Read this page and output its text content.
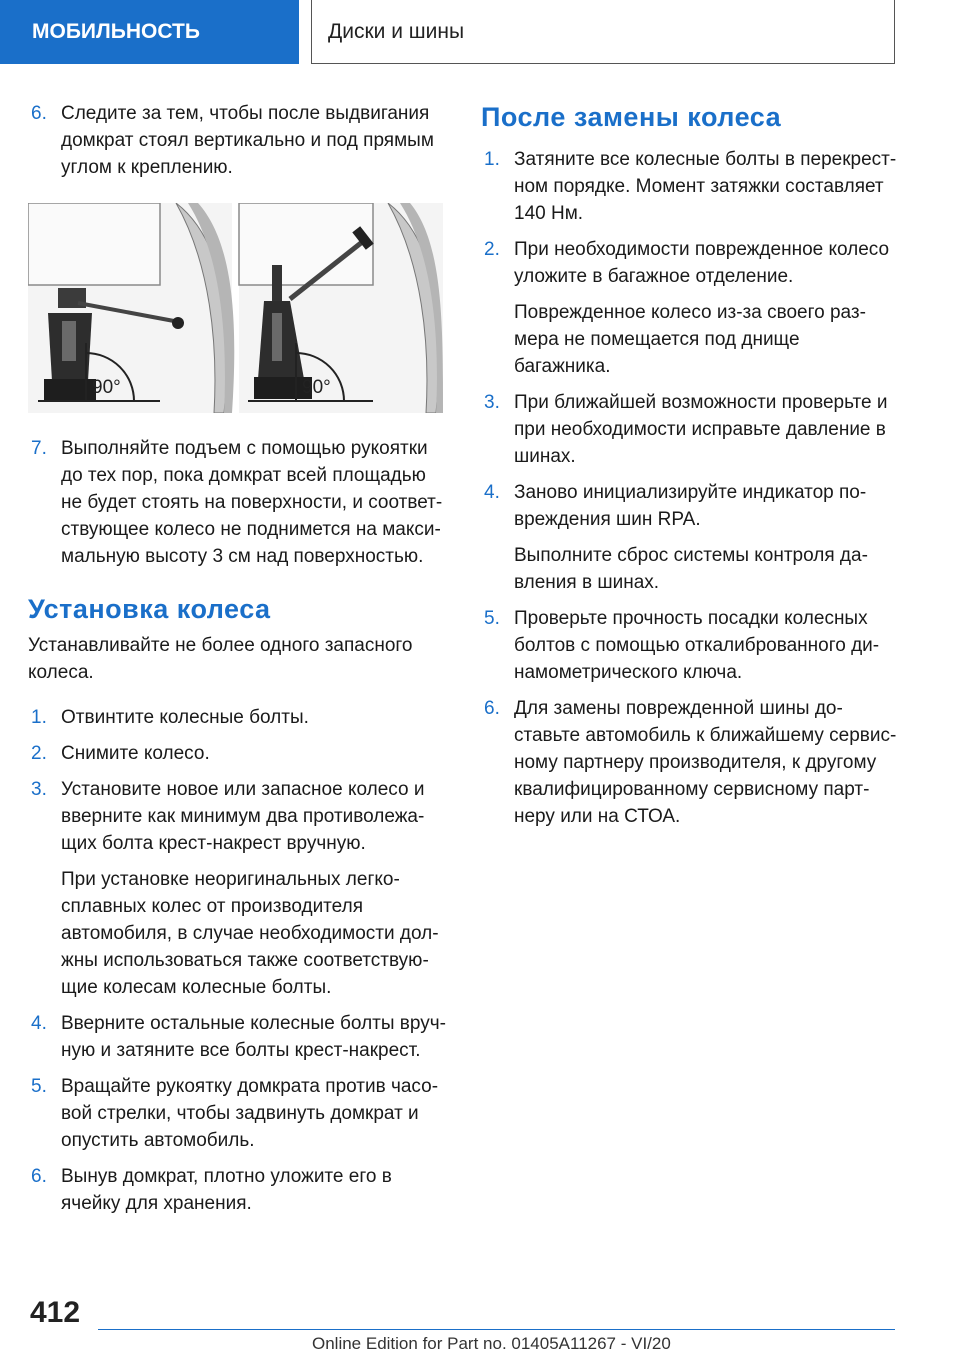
МОБИЛЬНОСТЬ	Диски и шины
6. Следите за тем, чтобы после выдвигания домкрат стоял вертикально и под прямым углом к креплению.
90°	90°
7. Выполняйте подъем с помощью рукоятки до тех пор, пока домкрат всей площадью не будет стоять на поверхности, и соответствующее колесо не поднимется на максимальную высоту 3 см над поверхностью.
Установка колеса
Устанавливайте не более одного запасного колеса.
1. Отвинтите колесные болты.
2. Снимите колесо.
3. Установите новое или запасное колесо и вверните как минимум два противолежащих болта крест-накрест вручную.
При установке неоригинальных легкосплавных колес от производителя автомобиля, в случае необходимости должны использоваться также соответствующие колесам колесные болты.
4. Вверните остальные колесные болты вручную и затяните все болты крест-накрест.
5. Вращайте рукоятку домкрата против часовой стрелки, чтобы задвинуть домкрат и опустить автомобиль.
6. Вынув домкрат, плотно уложите его в ячейку для хранения.
После замены колеса
1. Затяните все колесные болты в перекрестном порядке. Момент затяжки составляет 140 Нм.
2. При необходимости поврежденное колесо уложите в багажное отделение.
Поврежденное колесо из-за своего размера не помещается под днище багажника.
3. При ближайшей возможности проверьте и при необходимости исправьте давление в шинах.
4. Заново инициализируйте индикатор повреждения шин RPA.
Выполните сброс системы контроля давления в шинах.
5. Проверьте прочность посадки колесных болтов с помощью откалиброванного динамометрического ключа.
6. Для замены поврежденной шины доставьте автомобиль к ближайшему сервисному партнеру производителя, к другому квалифицированному сервисному партнеру или на СТОА.
412
Online Edition for Part no. 01405A11267 - VI/20
